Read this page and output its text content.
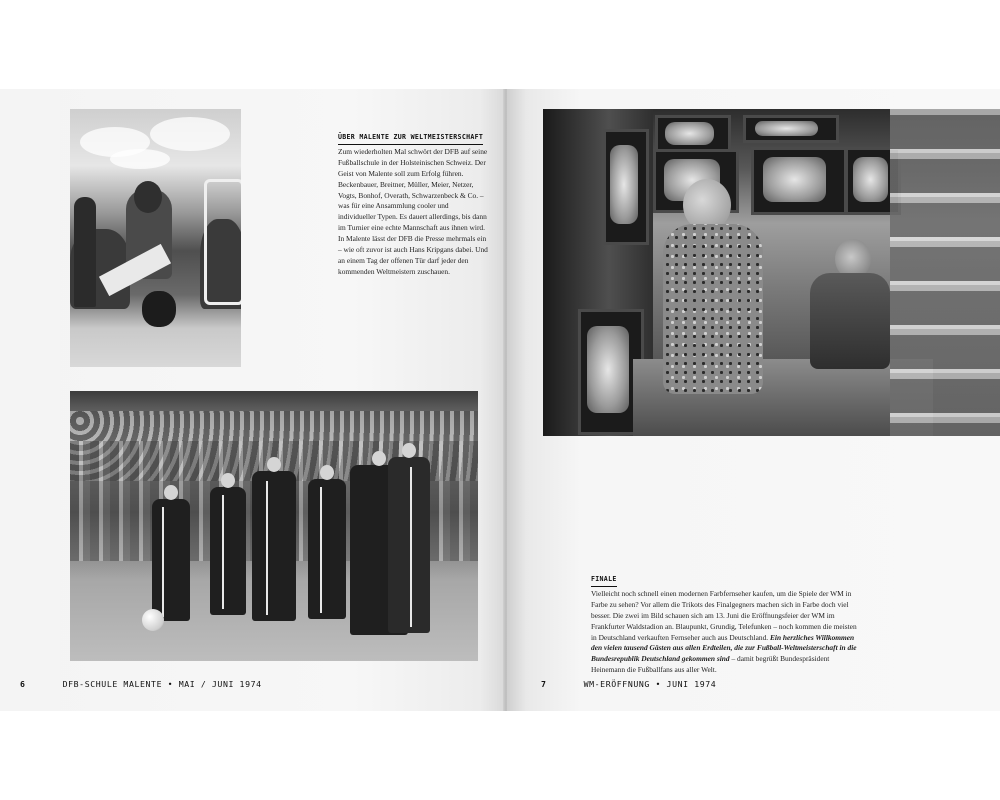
ÜBER MALENTE ZUR WELTMEISTERSCHAFT
Zum wiederholten Mal schwört der DFB auf seine Fußballschule in der Holsteinischen Schweiz. Der Geist von Malente soll zum Erfolg führen. Beckenbauer, Breitner, Müller, Meier, Netzer, Vogts, Bonhof, Overath, Schwarzenbeck & Co. – was für eine Ansammlung cooler und individueller Typen. Es dauert allerdings, bis dann im Turnier eine echte Mannschaft aus ihnen wird. In Malente lässt der DFB die Presse mehrmals ein – wie oft zuvor ist auch Hans Kripgans dabei. Und an einem Tag der offenen Tür darf jeder den kommenden Weltmeistern zuschauen.
6	DFB-SCHULE MALENTE • MAI / JUNI 1974
FINALE
Vielleicht noch schnell einen modernen Farbfernseher kaufen, um die Spiele der WM in Farbe zu sehen? Vor allem die Trikots des Finalgegners machen sich in Farbe doch viel besser. Die zwei im Bild schauen sich am 13. Juni die Eröffnungsfeier der WM im Frankfurter Waldstadion an. Blaupunkt, Grundig, Telefunken – noch kommen die meisten in Deutschland verkauften Fernseher auch aus Deutschland. Ein herzliches Willkommen den vielen tausend Gästen aus allen Erdteilen, die zur Fußball-Weltmeisterschaft in die Bundesrepublik Deutschland gekommen sind – damit begrüßt Bundespräsident Heinemann die Fußballfans aus aller Welt.
7	WM-ERÖFFNUNG • JUNI 1974
